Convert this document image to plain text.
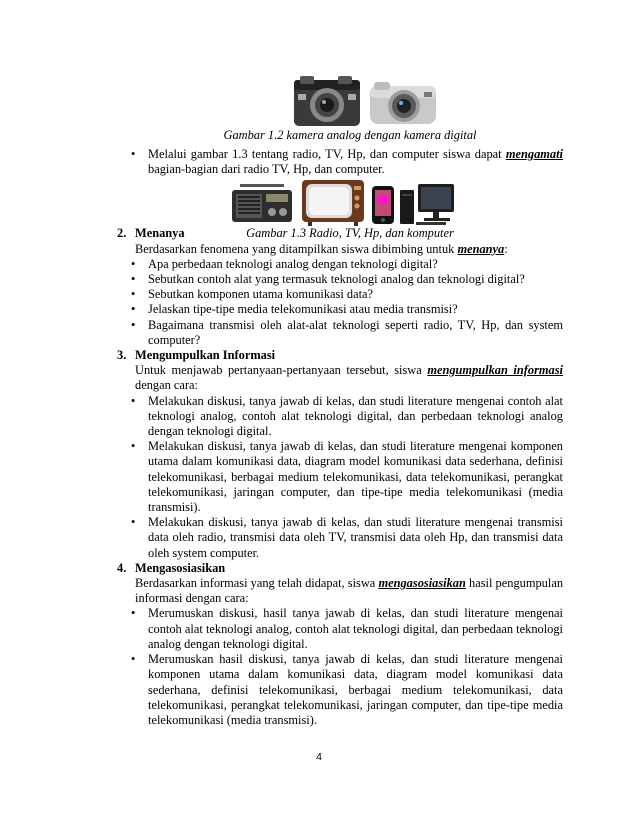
Gambar 1.2 kamera analog dengan kamera digital
Gambar 1.3 Radio, TV, Hp, dan komputer
• Melalui gambar 1.3 tentang radio, TV, Hp, dan computer siswa dapat mengamati bagian-bagian dari radio TV, Hp, dan computer.
2. Menanya
Berdasarkan fenomena yang ditampilkan siswa dibimbing untuk menanya:
• Apa perbedaan teknologi analog dengan teknologi digital?
• Sebutkan contoh alat yang termasuk teknologi analog dan teknologi digital?
• Sebutkan komponen utama komunikasi data?
• Jelaskan tipe-tipe media telekomunikasi atau media transmisi?
• Bagaimana transmisi oleh alat-alat teknologi seperti radio, TV, Hp, dan system computer?
3. Mengumpulkan Informasi
Untuk menjawab pertanyaan-pertanyaan tersebut, siswa mengumpulkan informasi dengan cara:
• Melakukan diskusi, tanya jawab di kelas, dan studi literature mengenai contoh alat teknologi analog, contoh alat teknologi digital, dan perbedaan teknologi analog dengan teknologi digital.
• Melakukan diskusi, tanya jawab di kelas, dan studi literature mengenai komponen utama dalam komunikasi data, diagram model komunikasi data sederhana, definisi telekomunikasi, berbagai medium telekomunikasi, data telekomunikasi, perangkat telekomunikasi, jaringan computer, dan tipe-tipe media telekomunikasi (media transmisi).
• Melakukan diskusi, tanya jawab di kelas, dan studi literature mengenai transmisi data oleh radio, transmisi data oleh TV, transmisi data oleh Hp, dan transmisi data oleh system computer.
4. Mengasosiasikan
Berdasarkan informasi yang telah didapat, siswa mengasosiasikan hasil pengumpulan informasi dengan cara:
• Merumuskan diskusi, hasil tanya jawab di kelas, dan studi literature mengenai contoh alat teknologi analog, contoh alat teknologi digital, dan perbedaan teknologi analog dengan teknologi digital.
• Merumuskan hasil diskusi, tanya jawab di kelas, dan studi literature mengenai komponen utama dalam komunikasi data, diagram model komunikasi data sederhana, definisi telekomunikasi, berbagai medium telekomunikasi, data telekomunikasi, perangkat telekomunikasi, jaringan computer, dan tipe-tipe media telekomunikasi (media transmisi).
4
